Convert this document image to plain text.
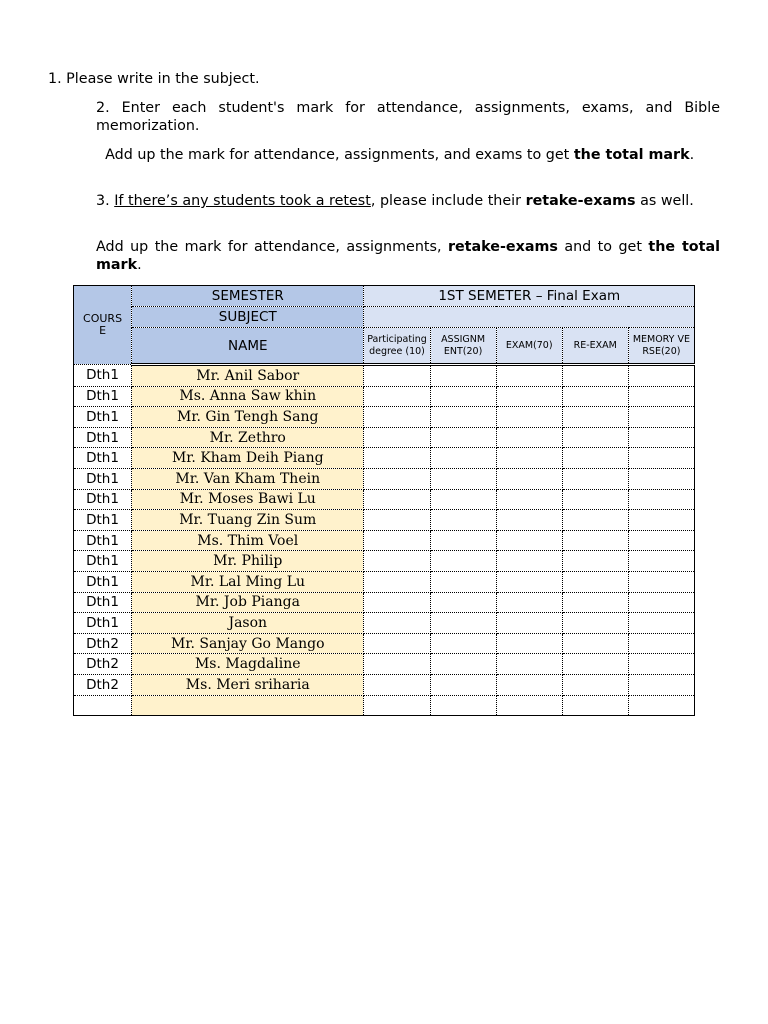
1. Please write in the subject.

2. Enter each student's mark for attendance, assignments, exams, and Bible memorization.

Add up the mark for attendance, assignments, and exams to get the total mark.

3. If there’s any students took a retest, please include their retake-exams as well.

Add up the mark for attendance, assignments, retake-exams and to get the total mark.

COURSE	SEMESTER	1ST SEMETER – Final Exam				
	SUBJECT					
	NAME	Participating degree (10)	ASSIGNMENT(20)	EXAM(70)	RE-EXAM	MEMORY VERSE(20)
Dth1	Mr. Anil Sabor					
Dth1	Ms. Anna Saw khin					
Dth1	Mr. Gin Tengh Sang					
Dth1	Mr. Zethro					
Dth1	Mr. Kham Deih Piang					
Dth1	Mr. Van Kham Thein					
Dth1	Mr. Moses Bawi Lu					
Dth1	Mr. Tuang Zin Sum					
Dth1	Ms. Thim Voel					
Dth1	Mr. Philip					
Dth1	Mr. Lal Ming Lu					
Dth1	Mr. Job Pianga					
Dth1	Jason					
Dth2	Mr. Sanjay Go Mango					
Dth2	Ms. Magdaline					
Dth2	Ms. Meri sriharia					
